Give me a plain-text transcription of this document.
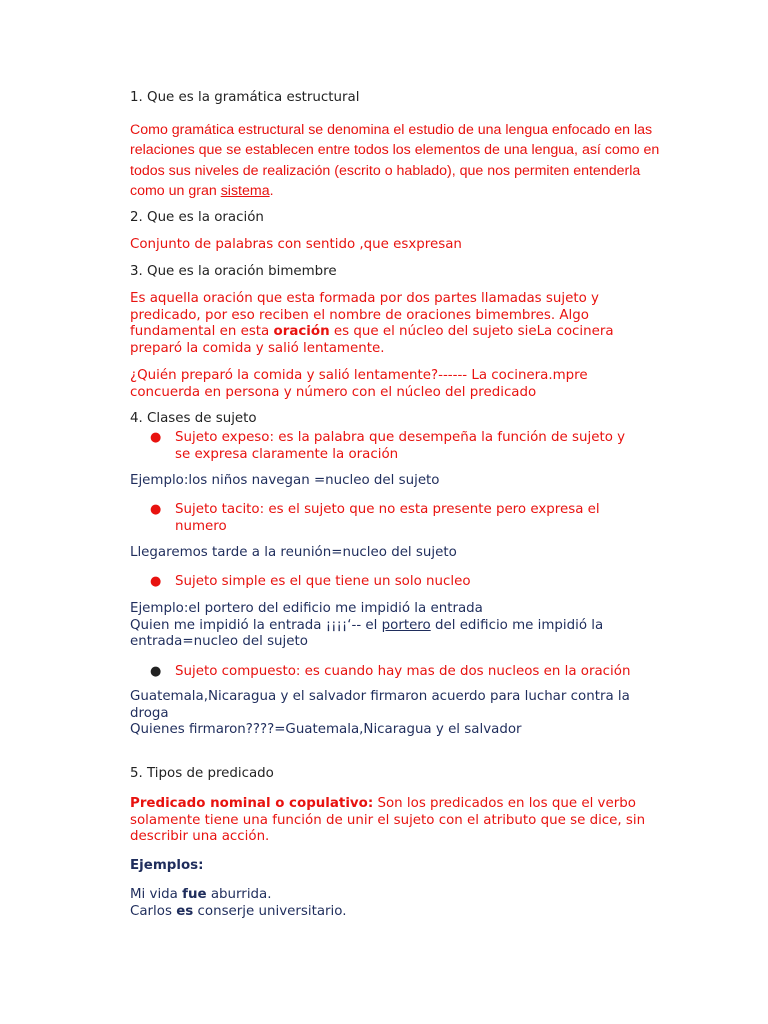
1. Que es la gramática estructural
Como gramática estructural se denomina el estudio de una lengua enfocado en las
relaciones que se establecen entre todos los elementos de una lengua, así como en
todos sus niveles de realización (escrito o hablado), que nos permiten entenderla
como un gran sistema.
2. Que es la oración
Conjunto de palabras con sentido ,que esxpresan
3. Que es la oración bimembre
Es aquella oración que esta formada por dos partes llamadas sujeto y
predicado, por eso reciben el nombre de oraciones bimembres. Algo
fundamental en esta oración es que el núcleo del sujeto sieLa cocinera
preparó la comida y salió lentamente.
¿Quién preparó la comida y salió lentamente?------ La cocinera.mpre
concuerda en persona y número con el núcleo del predicado
4. Clases de sujeto
● Sujeto expeso: es la palabra que desempeña la función de sujeto y
se expresa claramente la oración
Ejemplo:los niños navegan =nucleo del sujeto
● Sujeto tacito: es el sujeto que no esta presente pero expresa el
numero
Llegaremos tarde a la reunión=nucleo del sujeto
● Sujeto simple es el que tiene un solo nucleo
Ejemplo:el portero del edificio me impidió la entrada
Quien me impidió la entrada ¡¡¡¡‘-- el portero del edificio me impidió la
entrada=nucleo del sujeto
● Sujeto compuesto: es cuando hay mas de dos nucleos en la oración
Guatemala,Nicaragua y el salvador firmaron acuerdo para luchar contra la
droga
Quienes firmaron????=Guatemala,Nicaragua y el salvador
5. Tipos de predicado
Predicado nominal o copulativo: Son los predicados en los que el verbo
solamente tiene una función de unir el sujeto con el atributo que se dice, sin
describir una acción.
Ejemplos:
Mi vida fue aburrida.
Carlos es conserje universitario.
